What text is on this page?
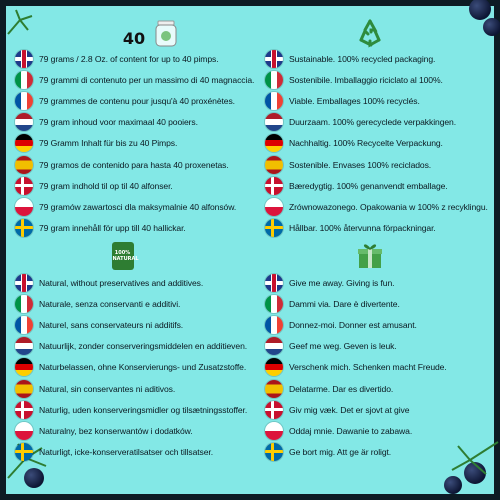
40
79 grams / 2.8 Oz. of content for up to 40 pimps.
79 grammi di contenuto per un massimo di 40 magnaccia.
79 grammes de contenu pour jusqu'à 40 proxénètes.
79 gram inhoud voor maximaal 40 pooiers.
79 Gramm Inhalt für bis zu 40 Pimps.
79 gramos de contenido para hasta 40 proxenetas.
79 gram indhold til op til 40 alfonser.
79 gramów zawartosci dla maksymalnie 40 alfonsów.
79 gram innehåll för upp till 40 hallickar.
Sustainable. 100% recycled packaging.
Sostenibile. Imballaggio riciclato al 100%.
Viable. Emballages 100% recyclés.
Duurzaam. 100% gerecyclede verpakkingen.
Nachhaltig. 100% Recycelte Verpackung.
Sostenible. Envases 100% reciclados.
Bæredygtig. 100% genanvendt emballage.
Zrównowazonego. Opakowania w 100% z recyklingu.
Hållbar. 100% återvunna förpackningar.
100% NATURAL
Natural, without preservatives and additives.
Naturale, senza conservanti e additivi.
Naturel, sans conservateurs ni additifs.
Natuurlijk, zonder conserveringsmiddelen en additieven.
Naturbelassen, ohne Konservierungs- und Zusatzstoffe.
Natural, sin conservantes ni aditivos.
Naturlig, uden konserveringsmidler og tilsætningsstoffer.
Naturalny, bez konserwantów i dodatków.
Naturligt, icke-konserveratilsatser och tillsatser.
Give me away. Giving is fun.
Dammi via. Dare è divertente.
Donnez-moi. Donner est amusant.
Geef me weg. Geven is leuk.
Verschenk mich. Schenken macht Freude.
Delatarme. Dar es divertido.
Giv mig væk. Det er sjovt at give
Oddaj mnie. Dawanie to zabawa.
Ge bort mig. Att ge är roligt.
